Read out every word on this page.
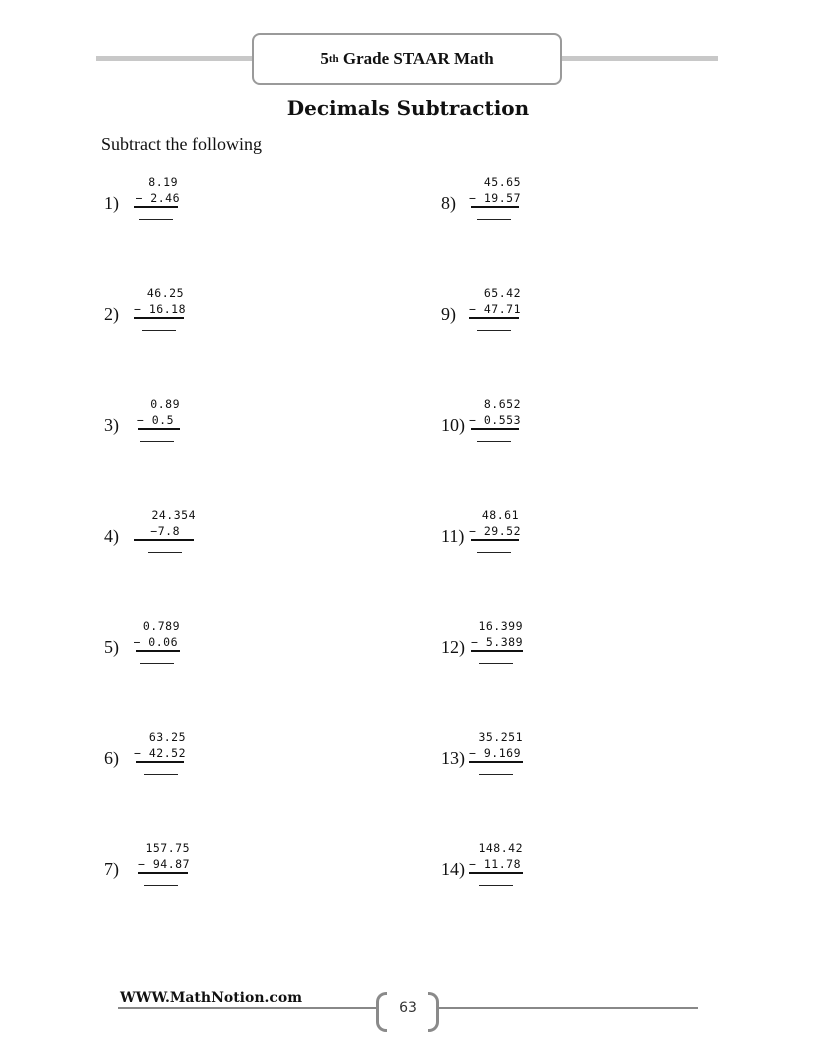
5 th Grade STAAR Math
Decimals Subtraction
Subtract the following
1)
8.19
− 2.46
2)
46.25
− 16.18
3)
0.89
− 0.5
4)
24.354
−7.8
5)
0.789
− 0.06
6)
63.25
− 42.52
7)
157.75
− 94.87
8)
45.65
− 19.57
9)
65.42
− 47.71
10)
8.652
− 0.553
11)
48.61
− 29.52
12)
16.399
− 5.389
13)
35.251
− 9.169
14)
148.42
− 11.78
WWW.MathNotion.com
63
